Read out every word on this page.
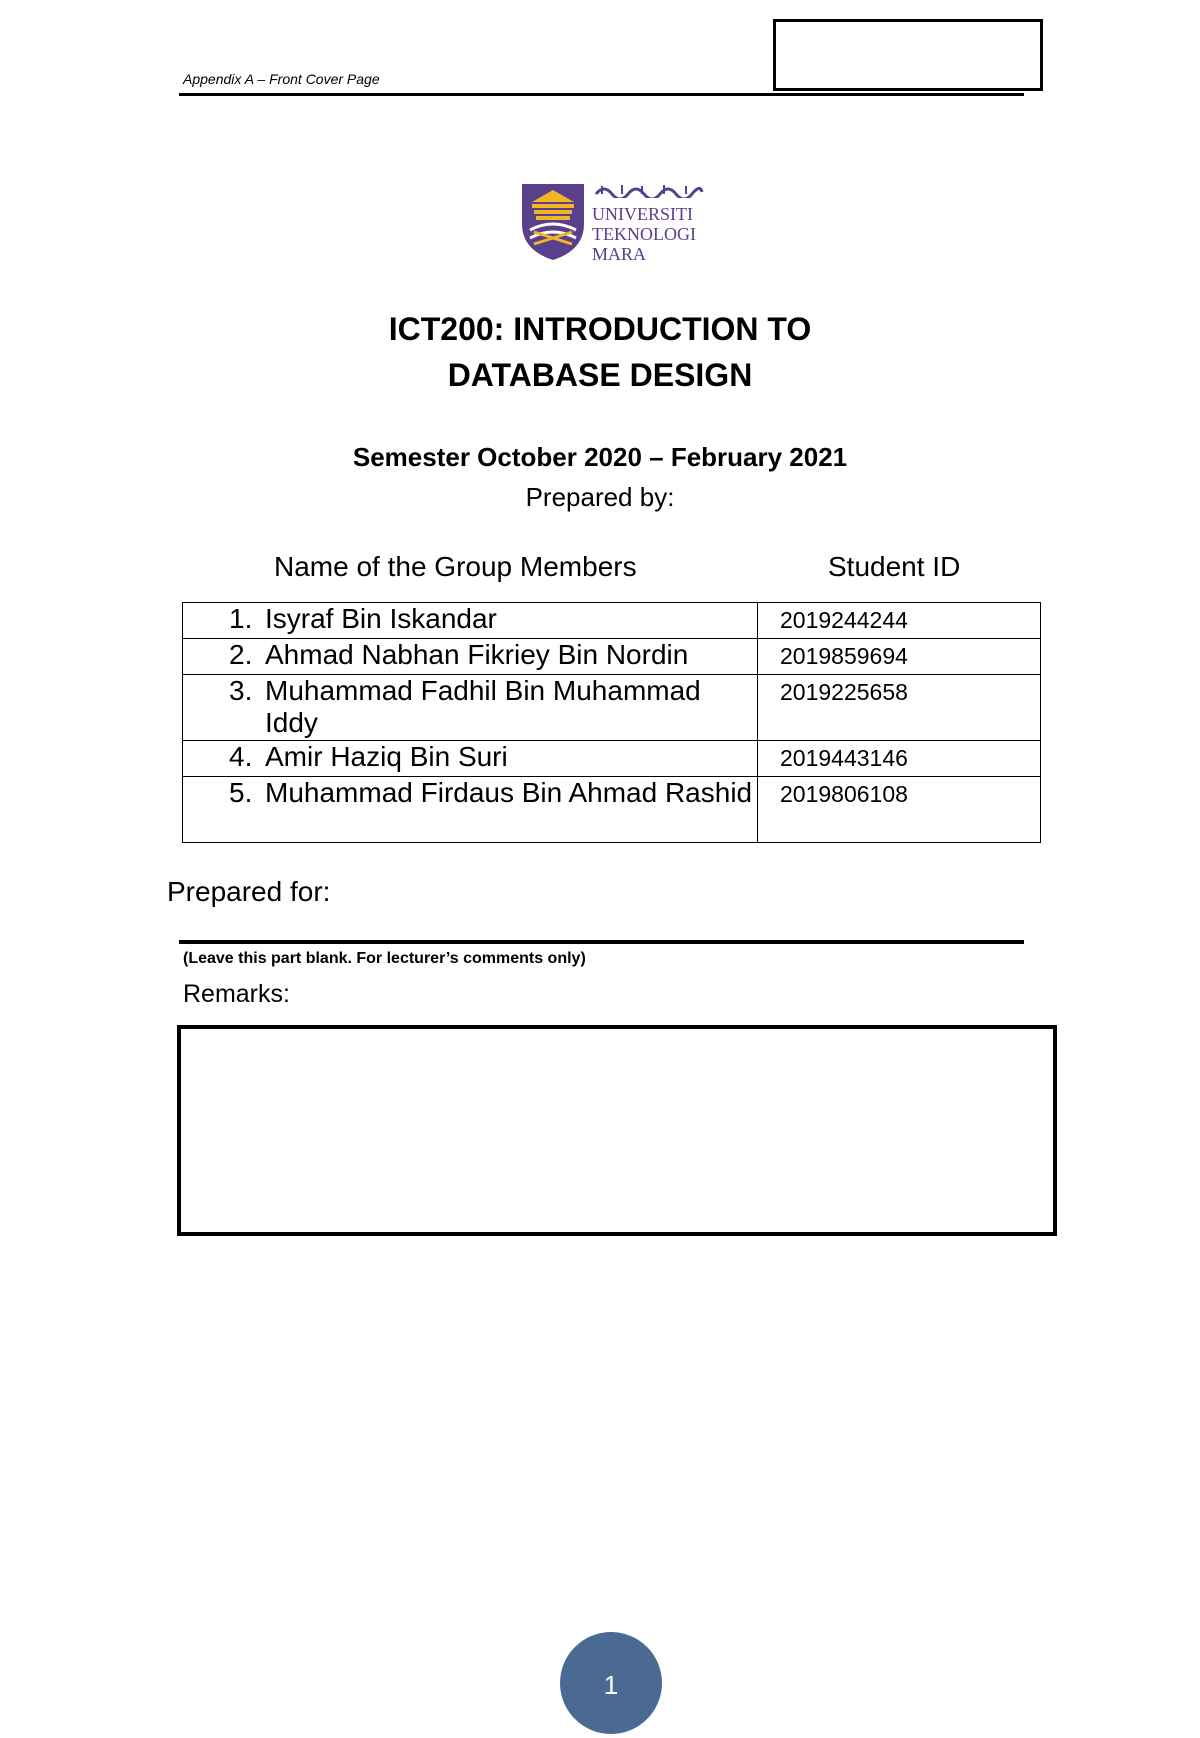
Appendix A – Front Cover Page
UNIVERSITI
TEKNOLOGI
MARA
ICT200: INTRODUCTION TO
DATABASE DESIGN
Semester October 2020 – February 2021
Prepared by:
Name of the Group Members	Student ID
1. Isyraf Bin Iskandar	2019244244

2. Ahmad Nabhan Fikriey Bin Nordin	2019859694

3. Muhammad Fadhil Bin Muhammad Iddy	2019225658

4. Amir Haziq Bin Suri	2019443146

5. Muhammad Firdaus Bin Ahmad Rashid	2019806108
Prepared for:
(Leave this part blank. For lecturer’s comments only)
Remarks:
1
